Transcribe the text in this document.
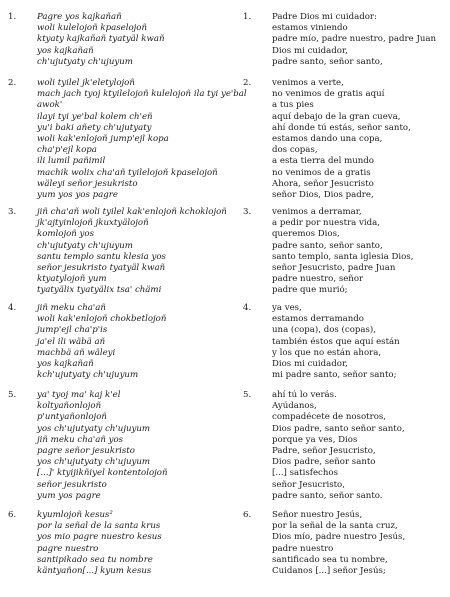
1. Pagre yos kajkañañ
woli kulelojoñ kpaselojoñ
ktyaty kajkañañ tyatyäl kwañ
yos kajkañañ
ch'ujutyaty ch'ujuyum
2. woli tyilel jk'eletylojoñ
mach jach tyoj ktyilelojoñ kulelojoñ ila tyi ye'bal
awok'
ilayi tyi ye'bal kolem ch'eñ
yu'i baki añety ch'ujutyaty
woli kak'enlojoñ jump'ejl kopa
cha'p'ejl kopa
ili lumil pañimil
machik wolix cha'añ tyilelojoñ kpaselojoñ
wäleyi señor jesukristo
yum yos yos pagre
3. jiñ cha'añ woli tyilel kak'enlojoñ kchoklojoñ
jk'ajtyinlojoñ jkuxtyälojoñ
komlojoñ yos
ch'ujutyaty ch'ujuyum
santu templo santu klesia yos
señor jesukristo tyatyäl kwañ
ktyatylojoñ yum
tyatyälix tyatyälix tsa' chämi
4. jiñ meku cha'añ
woli kak'enlojoñ chokbetlojoñ
jump'ejl cha'p'is
ja'el ili wäbä añ
machbä añ wäleyi
yos kajkañañ
kch'ujutyaty ch'ujuyum
5. ya' tyoj ma' kaj k'el
koltyañonlojoñ
p'untyañonlojoñ
yos ch'ujutyaty ch'ujuyum
jiñ meku cha'añ yos
pagre señor jesukristo
yos ch'ujutyaty ch'ujuyum
[...]' ktyijikñiyel kontentolojoñ
señor jesukristo
yum yos pagre
6. kyumlojoñ kesus²
por la señal de la santa krus
yos mio pagre nuestro kesus
pagre nuestro
santipikado sea tu nombre
käntyañon[...] kyum kesus
1. Padre Dios mi cuidador:
estamos viniendo
padre mío, padre nuestro, padre Juan
Dios mi cuidador,
padre santo, señor santo,
2. venimos a verte,
no venimos de gratis aquí
a tus pies
aquí debajo de la gran cueva,
ahí donde tú estás, señor santo,
estamos dando una copa,
dos copas,
a esta tierra del mundo
no venimos de a gratis
Ahora, señor Jesucristo
señor Dios, Dios padre,
3. venimos a derramar,
a pedir por nuestra vida,
queremos Dios,
padre santo, señor santo,
santo templo, santa iglesia Dios,
señor Jesucristo, padre Juan
padre nuestro, señor
padre que murió;
4. ya ves,
estamos derramando
una (copa), dos (copas),
también éstos que aquí están
y los que no están ahora,
Dios mi cuidador,
mi padre santo, señor santo;
5. ahí tú lo verás.
Ayúdanos,
compadécete de nosotros,
Dios padre, santo señor santo,
porque ya ves, Dios
Padre, señor Jesucristo,
Dios padre, señor santo
[...] satisfechos
señor Jesucristo,
padre santo, señor santo.
6. Señor nuestro Jesús,
por la señal de la santa cruz,
Dios mío, padre nuestro Jesús,
padre nuestro
santificado sea tu nombre,
Cuidanos [...] señor Jesús;
